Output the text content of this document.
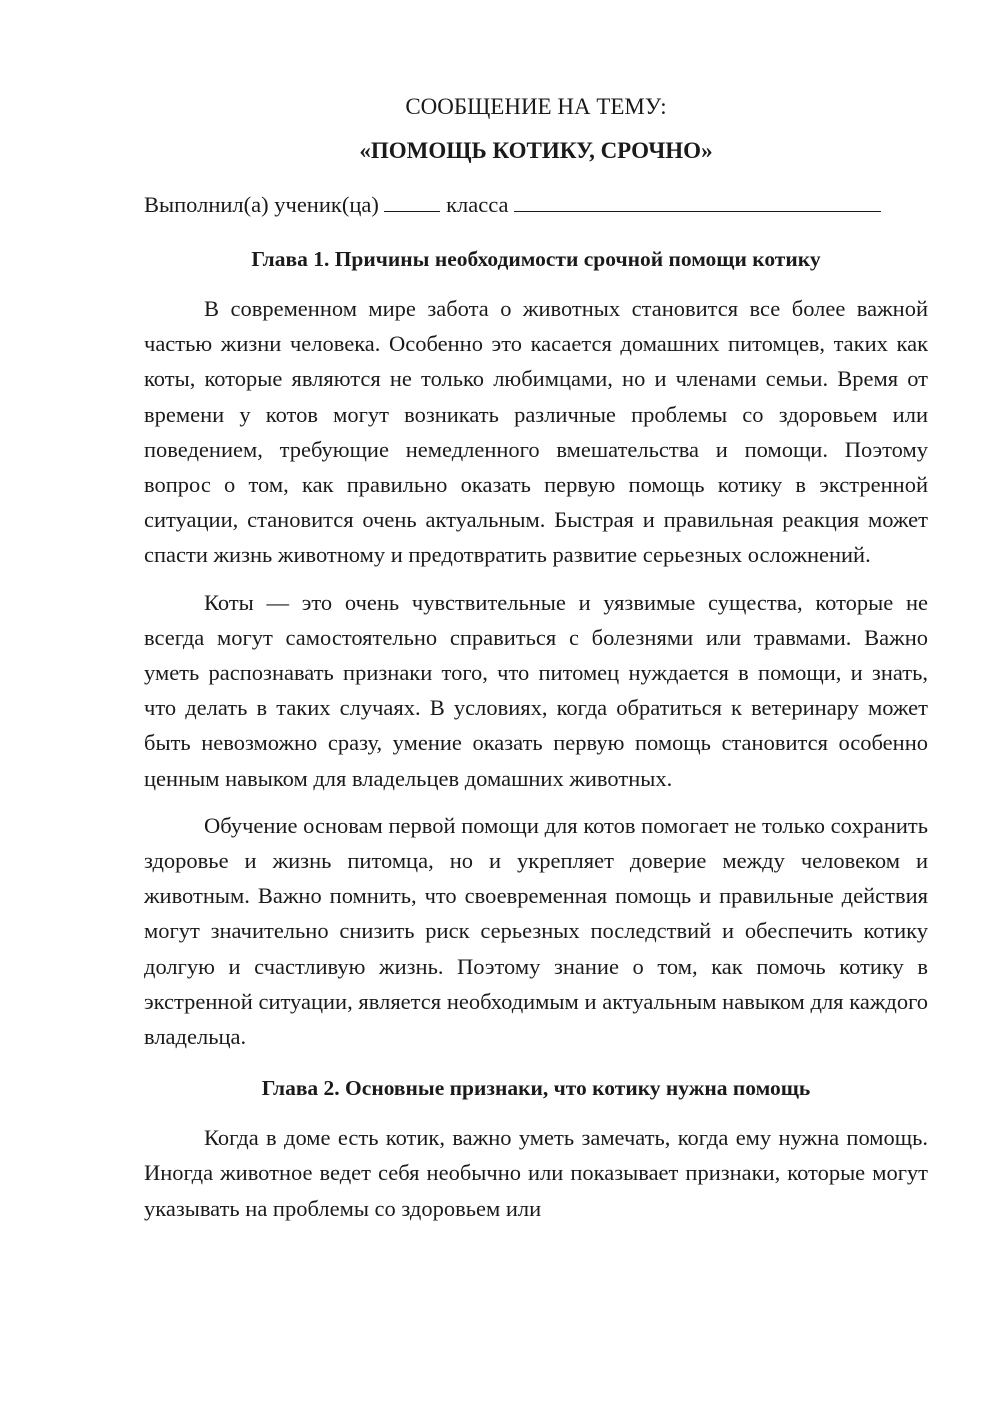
СООБЩЕНИЕ НА ТЕМУ:
«ПОМОЩЬ КОТИКУ, СРОЧНО»
Выполнил(а) ученик(ца)	класса
Глава 1. Причины необходимости срочной помощи котику

В современном мире забота о животных становится все более важной частью жизни человека. Особенно это касается домашних питомцев, таких как коты, которые являются не только любимцами, но и членами семьи. Время от времени у котов могут возникать различные проблемы со здоровьем или поведением, требующие немедленного вмешательства и помощи. Поэтому вопрос о том, как правильно оказать первую помощь котику в экстренной ситуации, становится очень актуальным. Быстрая и правильная реакция может спасти жизнь животному и предотвратить развитие серьезных осложнений.

Коты — это очень чувствительные и уязвимые существа, которые не всегда могут самостоятельно справиться с болезнями или травмами. Важно уметь распознавать признаки того, что питомец нуждается в помощи, и знать, что делать в таких случаях. В условиях, когда обратиться к ветеринару может быть невозможно сразу, умение оказать первую помощь становится особенно ценным навыком для владельцев домашних животных.

Обучение основам первой помощи для котов помогает не только сохранить здоровье и жизнь питомца, но и укрепляет доверие между человеком и животным. Важно помнить, что своевременная помощь и правильные действия могут значительно снизить риск серьезных последствий и обеспечить котику долгую и счастливую жизнь. Поэтому знание о том, как помочь котику в экстренной ситуации, является необходимым и актуальным навыком для каждого владельца.

Глава 2. Основные признаки, что котику нужна помощь

Когда в доме есть котик, важно уметь замечать, когда ему нужна помощь. Иногда животное ведет себя необычно или показывает признаки, которые могут указывать на проблемы со здоровьем или
